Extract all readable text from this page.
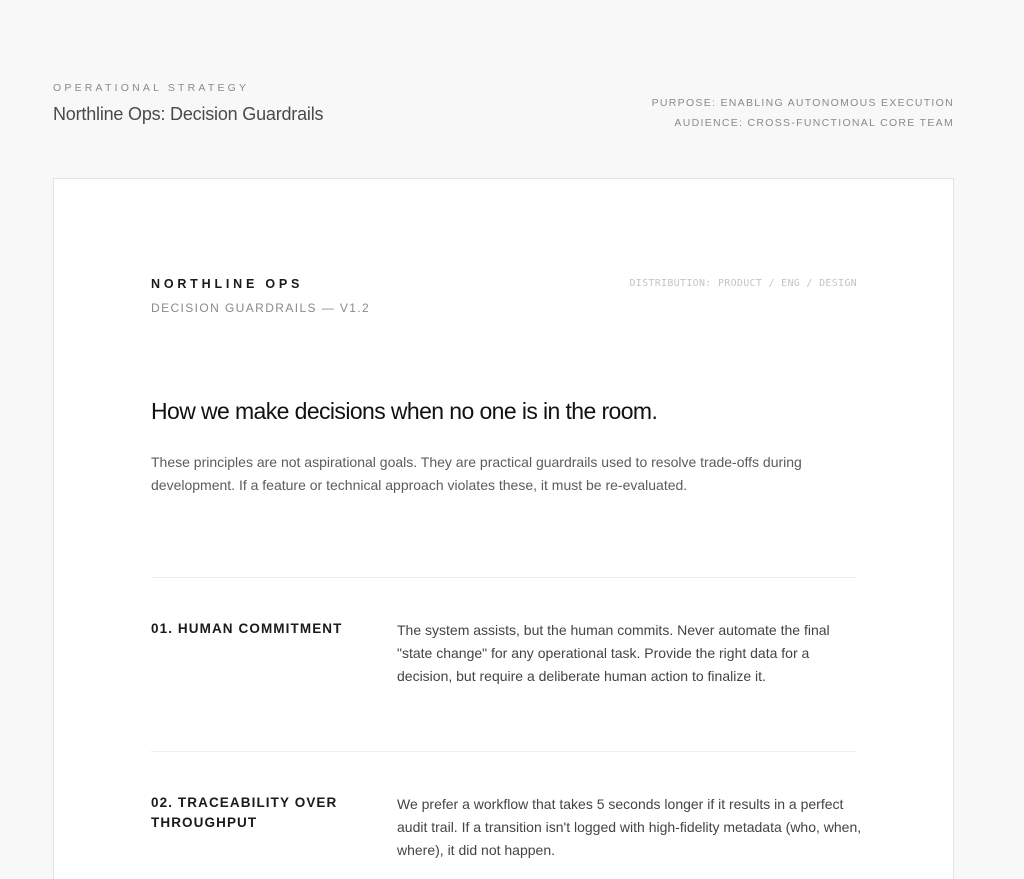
OPERATIONAL STRATEGY
Northline Ops: Decision Guardrails
PURPOSE: ENABLING AUTONOMOUS EXECUTION
AUDIENCE: CROSS-FUNCTIONAL CORE TEAM
NORTHLINE OPS
DECISION GUARDRAILS — V1.2
DISTRIBUTION: PRODUCT / ENG / DESIGN
How we make decisions when no one is in the room.

These principles are not aspirational goals. They are practical guardrails used to resolve trade-offs during development. If a feature or technical approach violates these, it must be re-evaluated.

01. HUMAN COMMITMENT	The system assists, but the human commits. Never automate the final "state change" for any operational task. Provide the right data for a decision, but require a deliberate human action to finalize it.
02. TRACEABILITY OVER THROUGHPUT
We prefer a workflow that takes 5 seconds longer if it results in a perfect audit trail. If a transition isn't logged with high-fidelity metadata (who, when, where), it did not happen.
